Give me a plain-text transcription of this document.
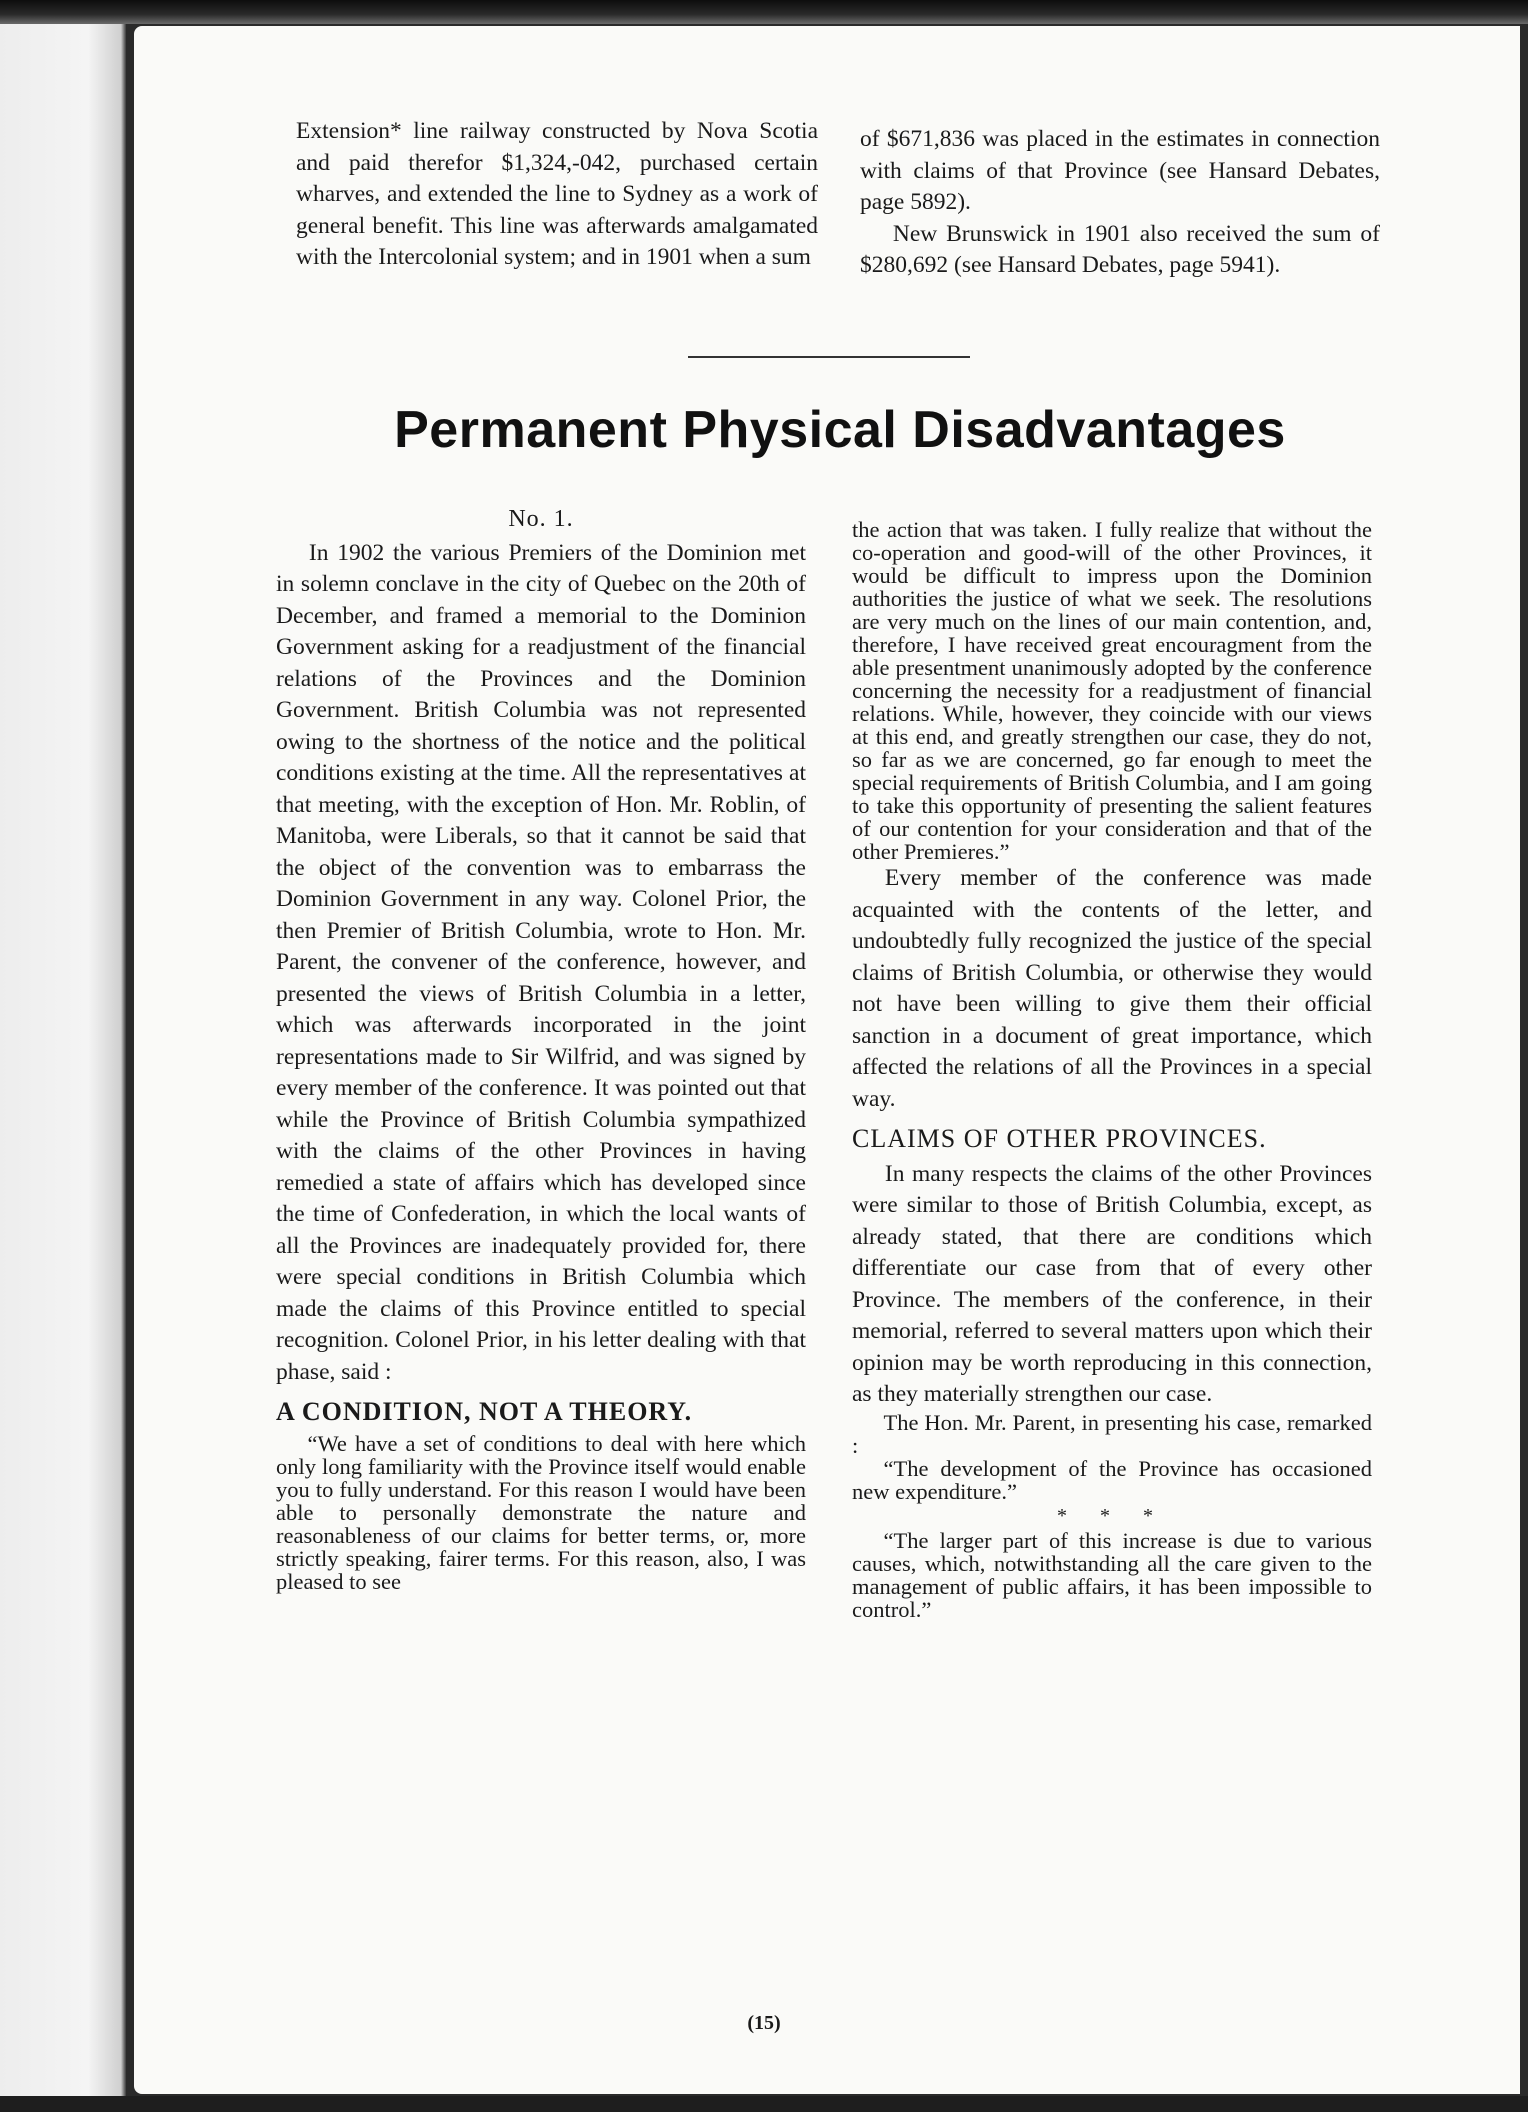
Extension* line railway constructed by Nova Scotia and paid therefor $1,324,-042, purchased certain wharves, and extended the line to Sydney as a work of general benefit. This line was afterwards amalgamated with the Intercolonial system; and in 1901 when a sum

of $671,836 was placed in the estimates in connection with claims of that Province (see Hansard Debates, page 5892).

New Brunswick in 1901 also received the sum of $280,692 (see Hansard Debates, page 5941).

Permanent Physical Disadvantages
No. 1.

In 1902 the various Premiers of the Dominion met in solemn conclave in the city of Quebec on the 20th of December, and framed a memorial to the Dominion Government asking for a readjustment of the financial relations of the Provinces and the Dominion Government. British Columbia was not represented owing to the shortness of the notice and the political conditions existing at the time. All the representatives at that meeting, with the exception of Hon. Mr. Roblin, of Manitoba, were Liberals, so that it cannot be said that the object of the convention was to embarrass the Dominion Government in any way. Colonel Prior, the then Premier of British Columbia, wrote to Hon. Mr. Parent, the convener of the conference, however, and presented the views of British Columbia in a letter, which was afterwards incorporated in the joint representations made to Sir Wilfrid, and was signed by every member of the conference. It was pointed out that while the Province of British Columbia sympathized with the claims of the other Provinces in having remedied a state of affairs which has developed since the time of Confederation, in which the local wants of all the Provinces are inadequately provided for, there were special conditions in British Columbia which made the claims of this Province entitled to special recognition. Colonel Prior, in his letter dealing with that phase, said :

A CONDITION, NOT A THEORY.

“We have a set of conditions to deal with here which only long familiarity with the Province itself would enable you to fully understand. For this reason I would have been able to personally demonstrate the nature and reasonableness of our claims for better terms, or, more strictly speaking, fairer terms. For this reason, also, I was pleased to see

the action that was taken. I fully realize that without the co-operation and good-will of the other Provinces, it would be difficult to impress upon the Dominion authorities the justice of what we seek. The resolutions are very much on the lines of our main contention, and, therefore, I have received great encouragment from the able presentment unanimously adopted by the conference concerning the necessity for a readjustment of financial relations. While, however, they coincide with our views at this end, and greatly strengthen our case, they do not, so far as we are concerned, go far enough to meet the special requirements of British Columbia, and I am going to take this opportunity of presenting the salient features of our contention for your consideration and that of the other Premieres.”

Every member of the conference was made acquainted with the contents of the letter, and undoubtedly fully recognized the justice of the special claims of British Columbia, or otherwise they would not have been willing to give them their official sanction in a document of great importance, which affected the relations of all the Provinces in a special way.

CLAIMS OF OTHER PROVINCES.

In many respects the claims of the other Provinces were similar to those of British Columbia, except, as already stated, that there are conditions which differentiate our case from that of every other Province. The members of the conference, in their memorial, referred to several matters upon which their opinion may be worth reproducing in this connection, as they materially strengthen our case.

The Hon. Mr. Parent, in presenting his case, remarked :

“The development of the Province has occasioned new expenditure.”

* * *

“The larger part of this increase is due to various causes, which, notwithstanding all the care given to the management of public affairs, it has been impossible to control.”

(15)
